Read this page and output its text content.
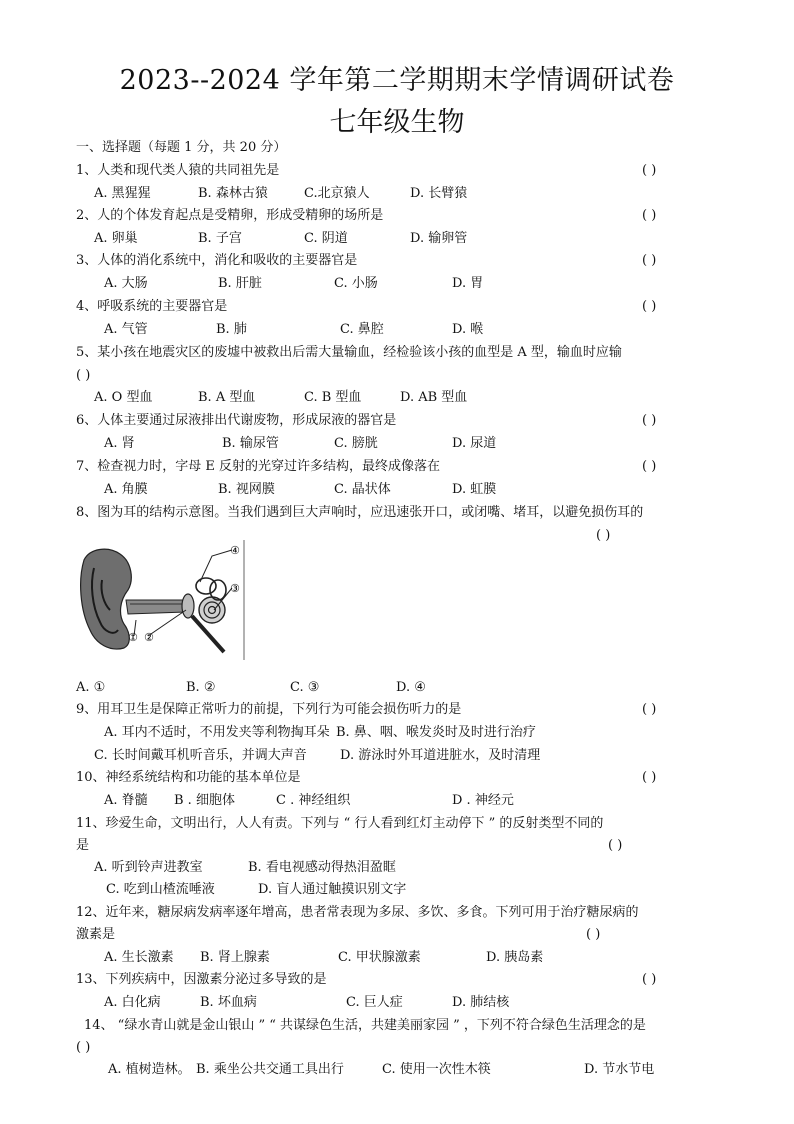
2023--2024 学年第二学期期末学情调研试卷
七年级生物
一、选择题（每题 1 分，共 20 分）
1、人类和现代类人猿的共同祖先是	( )
A. 黑猩猩	B. 森林古猿	C.北京猿人	D. 长臂猿
2、人的个体发育起点是受精卵，形成受精卵的场所是	( )
A. 卵巢	B. 子宫	C. 阴道	D. 输卵管
3、人体的消化系统中，消化和吸收的主要器官是	( )
A. 大肠	B. 肝脏	C. 小肠	D. 胃
4、呼吸系统的主要器官是	( )
A. 气管	B. 肺	C. 鼻腔	D. 喉
5、某小孩在地震灾区的废墟中被救出后需大量输血，经检验该小孩的血型是 A 型，输血时应输
( )
A. O 型血	B. A 型血	C. B 型血	D. AB 型血
6、人体主要通过尿液排出代谢废物，形成尿液的器官是	( )
A. 肾	B. 输尿管	C. 膀胱	D. 尿道
7、检查视力时，字母 E 反射的光穿过许多结构，最终成像落在	( )
A. 角膜	B. 视网膜	C. 晶状体	D. 虹膜
8、图为耳的结构示意图。当我们遇到巨大声响时，应迅速张开口，或闭嘴、堵耳，以避免损伤耳的
( )
① ②
③
④
A. ①	B. ②	C. ③	D. ④
9、用耳卫生是保障正常听力的前提，下列行为可能会损伤听力的是	( )
A. 耳内不适时，不用发夹等利物掏耳朵 B. 鼻、咽、喉发炎时及时进行治疗
C. 长时间戴耳机听音乐，并调大声音	D. 游泳时外耳道进脏水，及时清理
10、神经系统结构和功能的基本单位是	( )
A. 脊髓 B . 细胞体	C . 神经组织	D . 神经元
11、珍爱生命，文明出行，人人有责。下列与 “ 行人看到红灯主动停下 ” 的反射类型不同的
是	( )
A. 听到铃声进教室	B. 看电视感动得热泪盈眶
C. 吃到山楂流唾液	D. 盲人通过触摸识别文字
12、近年来，糖尿病发病率逐年增高，患者常表现为多尿、多饮、多食。下列可用于治疗糖尿病的
激素是	( )
A. 生长激素 B. 肾上腺素	C. 甲状腺激素	D. 胰岛素
13、下列疾病中，因激素分泌过多导致的是	( )
A. 白化病	B. 坏血病	C. 巨人症	D. 肺结核
14、 “绿水青山就是金山银山 ” “ 共谋绿色生活，共建美丽家园 ” ，下列不符合绿色生活理念的是
( )
A. 植树造林。 B. 乘坐公共交通工具出行	C. 使用一次性木筷	D. 节水节电
